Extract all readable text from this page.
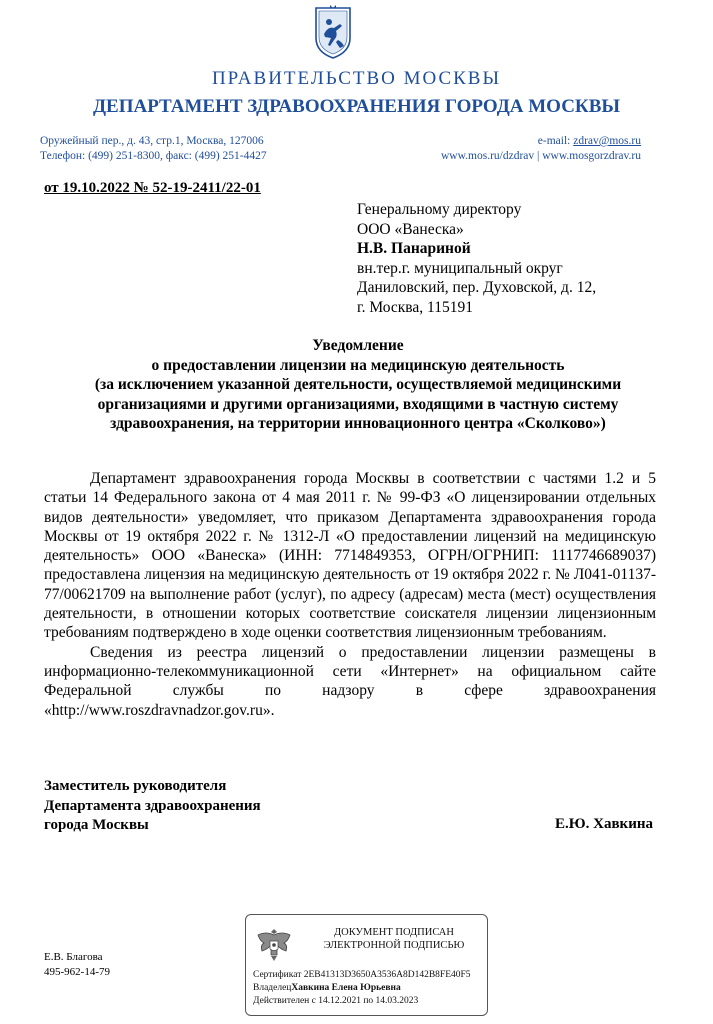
ПРАВИТЕЛЬСТВО МОСКВЫ
ДЕПАРТАМЕНТ ЗДРАВООХРАНЕНИЯ ГОРОДА МОСКВЫ
Оружейный пер., д. 43, стр.1, Москва, 127006
Телефон: (499) 251-8300, факс: (499) 251-4427
e-mail: zdrav@mos.ru
www.mos.ru/dzdrav | www.mosgorzdrav.ru
от 19.10.2022 № 52-19-2411/22-01
Генеральному директору
ООО «Ванеска»
Н.В. Панариной
вн.тер.г. муниципальный округ
Даниловский, пер. Духовской, д. 12,
г. Москва, 115191
Уведомление
о предоставлении лицензии на медицинскую деятельность
(за исключением указанной деятельности, осуществляемой медицинскими
организациями и другими организациями, входящими в частную систему
здравоохранения, на территории инновационного центра «Сколково»)

Департамент здравоохранения города Москвы в соответствии с частями 1.2 и 5 статьи 14 Федерального закона от 4 мая 2011 г. № 99-ФЗ «О лицензировании отдельных видов деятельности» уведомляет, что приказом Департамента здравоохранения города Москвы от 19 октября 2022 г. № 1312-Л «О предоставлении лицензий на медицинскую деятельность» ООО «Ванеска» (ИНН: 7714849353, ОГРН/ОГРНИП: 1117746689037) предоставлена лицензия на медицинскую деятельность от 19 октября 2022 г. № Л041-01137-77/00621709 на выполнение работ (услуг), по адресу (адресам) места (мест) осуществления деятельности, в отношении которых соответствие соискателя лицензии лицензионным требованиям подтверждено в ходе оценки соответствия лицензионным требованиям.

Сведения из реестра лицензий о предоставлении лицензии размещены в информационно-телекоммуникационной сети «Интернет» на официальном сайте Федеральной службы по надзору в сфере здравоохранения «http://www.roszdravnadzor.gov.ru».

Заместитель руководителя
Департамента здравоохранения
города Москвы	Е.Ю. Хавкина
Е.В. Благова
495-962-14-79
ДОКУМЕНТ ПОДПИСАН
ЭЛЕКТРОННОЙ ПОДПИСЬЮ
Сертификат 2EB41313D3650A3536A8D142B8FE40F5
ВладелецХавкина Елена Юрьевна
Действителен с 14.12.2021 по 14.03.2023
